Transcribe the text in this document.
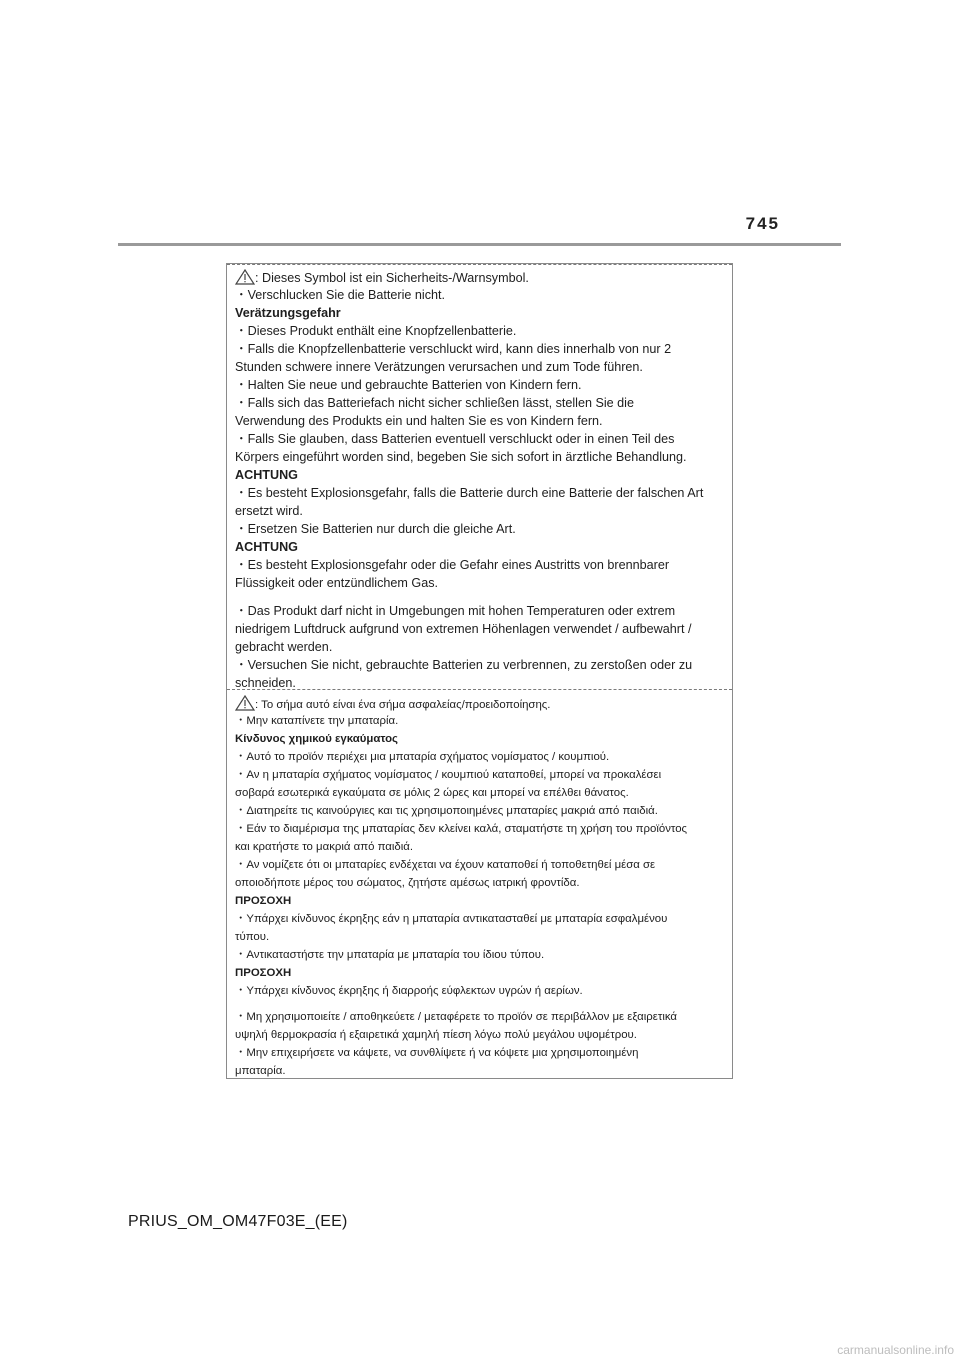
745
: Dieses Symbol ist ein Sicherheits-/Warnsymbol.
・Verschlucken Sie die Batterie nicht.
Verätzungsgefahr
・Dieses Produkt enthält eine Knopfzellenbatterie.
・Falls die Knopfzellenbatterie verschluckt wird, kann dies innerhalb von nur 2
Stunden schwere innere Verätzungen verursachen und zum Tode führen.
・Halten Sie neue und gebrauchte Batterien von Kindern fern.
・Falls sich das Batteriefach nicht sicher schließen lässt, stellen Sie die
Verwendung des Produkts ein und halten Sie es von Kindern fern.
・Falls Sie glauben, dass Batterien eventuell verschluckt oder in einen Teil des
Körpers eingeführt worden sind, begeben Sie sich sofort in ärztliche Behandlung.
ACHTUNG
・Es besteht Explosionsgefahr, falls die Batterie durch eine Batterie der falschen Art
ersetzt wird.
・Ersetzen Sie Batterien nur durch die gleiche Art.
ACHTUNG
・Es besteht Explosionsgefahr oder die Gefahr eines Austritts von brennbarer
Flüssigkeit oder entzündlichem Gas.
・Das Produkt darf nicht in Umgebungen mit hohen Temperaturen oder extrem
niedrigem Luftdruck aufgrund von extremen Höhenlagen verwendet / aufbewahrt /
gebracht werden.
・Versuchen Sie nicht, gebrauchte Batterien zu verbrennen, zu zerstoßen oder zu
schneiden.
: Το σήμα αυτό είναι ένα σήμα ασφαλείας/προειδοποίησης.
・Μην καταπίνετε την μπαταρία.
Κίνδυνος χημικού εγκαύματος
・Αυτό το προϊόν περιέχει μια μπαταρία σχήματος νομίσματος / κουμπιού.
・Αν η μπαταρία σχήματος νομίσματος / κουμπιού καταποθεί, μπορεί να προκαλέσει
σοβαρά εσωτερικά εγκαύματα σε μόλις 2 ώρες και μπορεί να επέλθει θάνατος.
・Διατηρείτε τις καινούργιες και τις χρησιμοποιημένες μπαταρίες μακριά από παιδιά.
・Εάν το διαμέρισμα της μπαταρίας δεν κλείνει καλά, σταματήστε τη χρήση του προϊόντος
και κρατήστε το μακριά από παιδιά.
・Αν νομίζετε ότι οι μπαταρίες ενδέχεται να έχουν καταποθεί ή τοποθετηθεί μέσα σε
οποιοδήποτε μέρος του σώματος, ζητήστε αμέσως ιατρική φροντίδα.
ΠΡΟΣΟΧΗ
・Υπάρχει κίνδυνος έκρηξης εάν η μπαταρία αντικατασταθεί με μπαταρία εσφαλμένου
τύπου.
・Αντικαταστήστε την μπαταρία με μπαταρία του ίδιου τύπου.
ΠΡΟΣΟΧΗ
・Υπάρχει κίνδυνος έκρηξης ή διαρροής εύφλεκτων υγρών ή αερίων.
・Μη χρησιμοποιείτε / αποθηκεύετε / μεταφέρετε το προϊόν σε περιβάλλον με εξαιρετικά
υψηλή θερμοκρασία ή εξαιρετικά χαμηλή πίεση λόγω πολύ μεγάλου υψομέτρου.
・Μην επιχειρήσετε να κάψετε, να συνθλίψετε ή να κόψετε μια χρησιμοποιημένη
μπαταρία.
PRIUS_OM_OM47F03E_(EE)
carmanualsonline.info
